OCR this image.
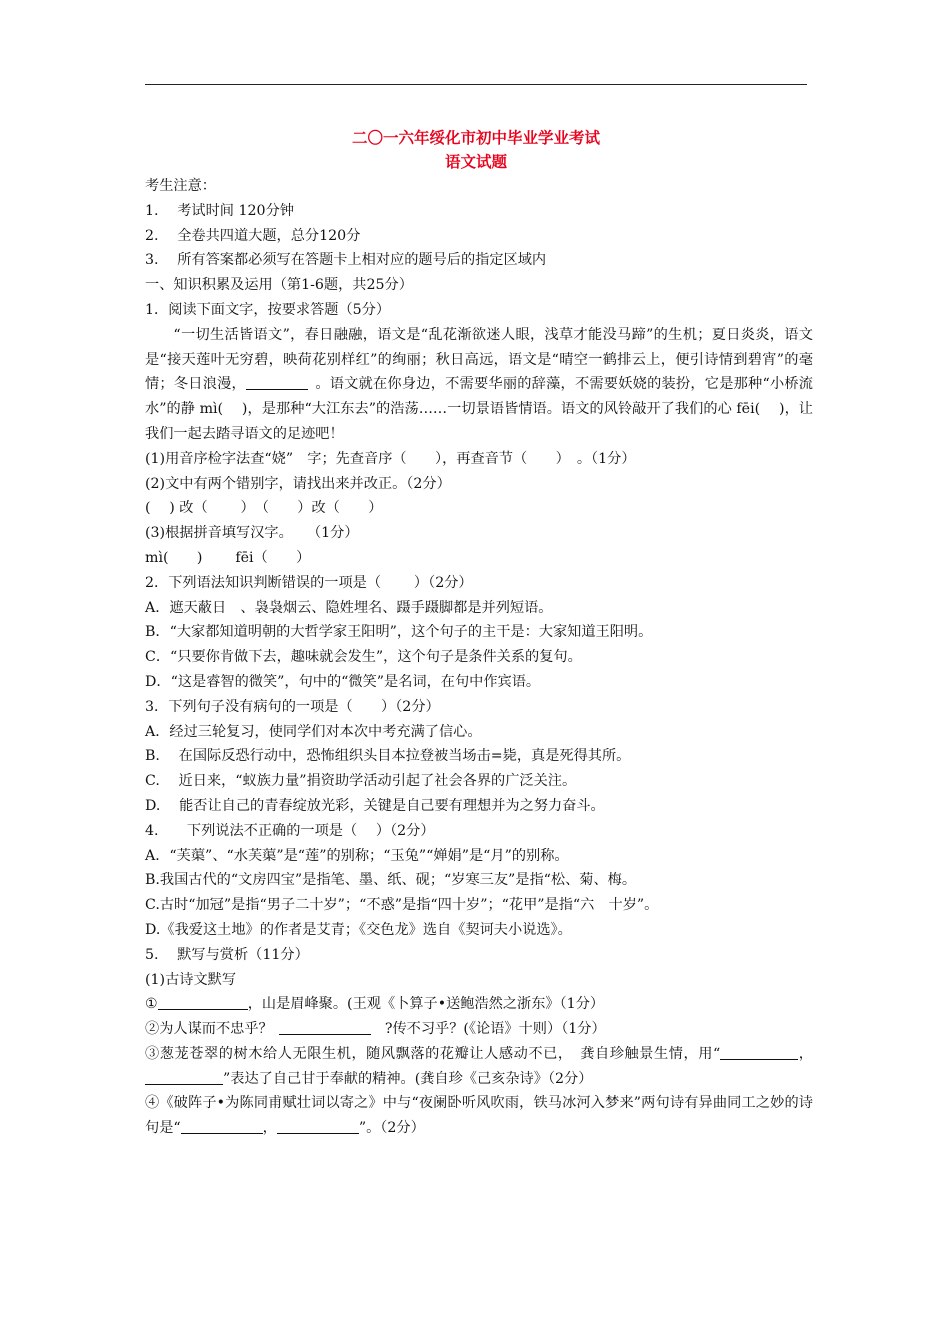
二〇一六年绥化市初中毕业学业考试
语文试题
考生注意：
1.　 考试时间 120分钟
2.　 全卷共四道大题，总分120分
3.　 所有答案都必须写在答题卡上相对应的题号后的指定区域内
一、知识积累及运用（第1-6题，共25分）
1．阅读下面文字，按要求答题（5分）
“一切生活皆语文”，春日融融，语文是“乱花渐欲迷人眼，浅草才能没马蹄”的生机；夏日炎炎，语文是“接天莲叶无穷碧，映荷花别样红”的绚丽；秋日高远，语文是“晴空一鹤排云上，便引诗情到碧宵”的毫情；冬日浪漫， 	。语文就在你身边，不需要华丽的辞藻，不需要妖娆的装扮，它是那种“小桥流水”的静 mì(　 )，是那种“大江东去”的浩荡……一切景语皆情语。语文的风铃敲开了我们的心 fēi(　 )，让我们一起去踏寻语文的足迹吧！
(1)用音序检字法查“娆”　字；先查音序（　　），再查音节（　　）　。（1分）
(2)文中有两个错别字，请找出来并改正。（2分）
(　 ) 改（　　 ）　（　　）改（　　）
(3)根据拼音填写汉字。　　（1分）
mì(　　)　　 fēi（　　）
2．下列语法知识判断错误的一项是（　　 ）（2分）
A．遮天蔽日　、袅袅烟云、隐姓埋名、蹑手蹑脚都是并列短语。
B．“大家都知道明朝的大哲学家王阳明”，这个句子的主干是：大家知道王阳明。
C．“只要你肯做下去，趣味就会发生”，这个句子是条件关系的复句。
D．“这是睿智的微笑”，句中的“微笑”是名词，在句中作宾语。
3．下列句子没有病句的一项是（　　）（2分）
A．经过三轮复习，使同学们对本次中考充满了信心。
B.　 在国际反恐行动中，恐怖组织头目本拉登被当场击=毙，真是死得其所。
C.　 近日来，“蚁族力量”捐资助学活动引起了社会各界的广泛关注。
D.　 能否让自己的青春绽放光彩，关键是自己要有理想并为之努力奋斗。
4.　　下列说法不正确的一项是（　 ）（2分）
A．“芙蕖”、“水芙蕖”是“莲”的别称；“玉兔”“婵娟”是“月”的别称。
B.我国古代的“文房四宝”是指笔、墨、纸、砚；“岁寒三友”是指“松、菊、梅。
C.古时“加冠”是指“男子二十岁”；“不惑”是指“四十岁”；“花甲”是指“六　十岁”。
D.《我爱这土地》的作者是艾青；《交色龙》选自《契诃夫小说选》。
5.　 默写与赏析（11分）
(1)古诗文默写
①	，山是眉峰聚。(王观《卜算子•送鲍浩然之浙东》（1分）
②为人谋而不忠乎？	　?传不习乎？(《论语》十则）（1分）
③葱茏苍翠的树木给人无限生机，随风飘落的花瓣让人感动不已，　龚自珍触景生情，用“	，”表达了自己甘于奉献的精神。(龚自珍《己亥杂诗》（2分）
④《破阵子•为陈同甫赋壮词以寄之》中与“夜阑卧听风吹雨，铁马冰河入梦来”两句诗有异曲同工之妙的诗句是“	，	”。（2分）
